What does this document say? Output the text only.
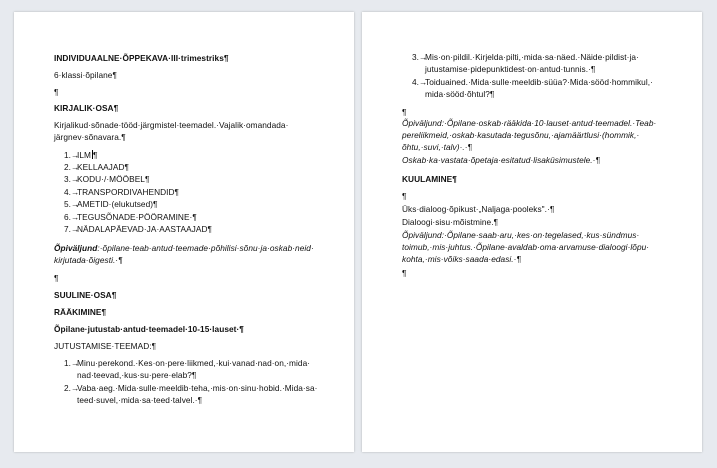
INDIVIDUAALNE·ÕPPEKAVA·III·trimestriks¶
6·klassi·õpilane¶
¶
KIRJALIK·OSA¶
Kirjalikud·sõnade·tööd·järgmistel·teemadel.·Vajalik·omandada·
järgnev·sõnavara.¶
1.→ILM ¶
2.→KELLAAJAD¶
3.→KODU·/·MÖÖBEL¶
4.→TRANSPORDIVAHENDID¶
5.→AMETID·(elukutsed)¶
6.→TEGUSÕNADE·PÖÖRAMINE·¶
7.→NÄDALAPÄEVAD·JA·AASTAAJAD¶
Õpiväljund:·õpilane·teab·antud·teemade·põhilisi·sõnu·ja·oskab·neid·
kirjutada·õigesti.·¶
¶
SUULINE·OSA¶
RÄÄKIMINE¶
Õpilane·jutustab·antud·teemadel·10-15·lauset·¶
JUTUSTAMISE·TEEMAD:¶
1.→Minu·perekond.·Kes·on·pere·liikmed,·kui·vanad·nad·on,·mida·
nad·teevad,·kus·su·pere·elab?¶
2.→Vaba·aeg.·Mida·sulle·meeldib·teha,·mis·on·sinu·hobid.·Mida·sa·
teed·suvel,·mida·sa·teed·talvel.·¶
3.→Mis·on·pildil.·Kirjelda·pilti,·mida·sa·näed.·Näide·pildist·ja·
jutustamise·pidepunktidest·on·antud·tunnis.·¶
4.→Toiduained.·Mida·sulle·meeldib·süüa?·Mida·sööd·hommikul,·
mida·sööd·õhtul?¶
¶
Õpiväljund:·Õpilane·oskab·rääkida·10·lauset·antud·teemadel.·Teab·
pereliikmeid,·oskab·kasutada·tegusõnu,·ajamäärtlusi·(hommik,·
õhtu,·suvi,·talv)·.·¶
Oskab·ka·vastata·õpetaja·esitatud·lisaküsimustele.·¶
KUULAMINE¶
¶
Üks·dialoog·õpikust·„Naljaga·pooleks".·¶
Dialoogi·sisu·mõistmine.¶
Õpiväljund:·Õpilane·saab·aru,·kes·on·tegelased,·kus·sündmus·
toimub,·mis·juhtus.·Õpilane·avaldab·oma·arvamuse·dialoogi·lõpu·
kohta,·mis·võiks·saada·edasi.·¶
¶
